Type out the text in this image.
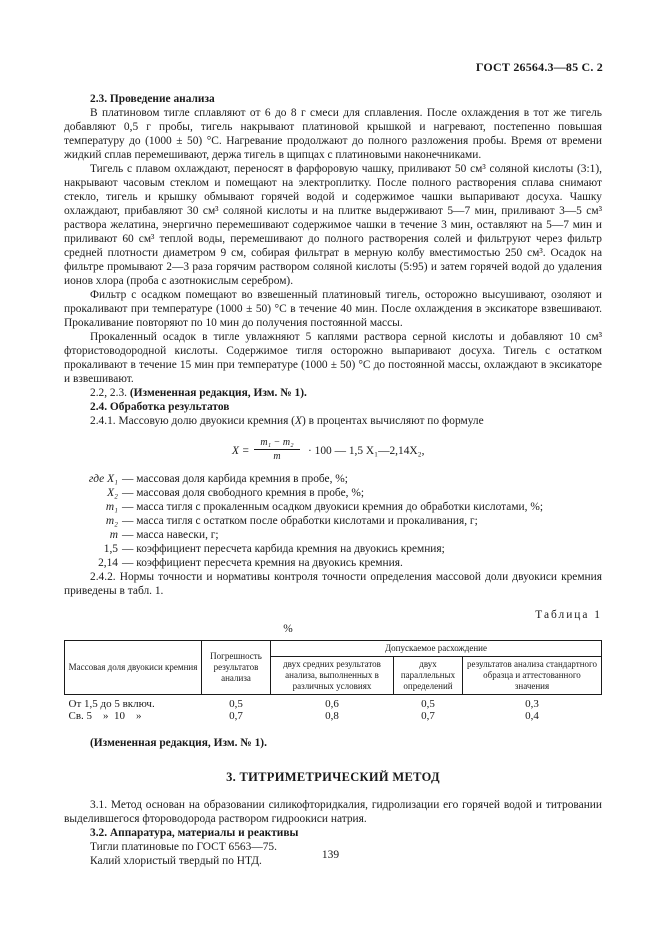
ГОСТ 26564.3—85 С. 2

2.3. Проведение анализа

В платиновом тигле сплавляют от 6 до 8 г смеси для сплавления. После охлаждения в тот же тигель добавляют 0,5 г пробы, тигель накрывают платиновой крышкой и нагревают, постепенно повышая температуру до (1000 ± 50) °С. Нагревание продолжают до полного разложения пробы. Время от времени жидкий сплав перемешивают, держа тигель в щипцах с платиновыми наконечниками.

Тигель с плавом охлаждают, переносят в фарфоровую чашку, приливают 50 см³ соляной кислоты (3:1), накрывают часовым стеклом и помещают на электроплитку. После полного растворения сплава снимают стекло, тигель и крышку обмывают горячей водой и содержимое чашки выпаривают досуха. Чашку охлаждают, прибавляют 30 см³ соляной кислоты и на плитке выдерживают 5—7 мин, приливают 3—5 см³ раствора желатина, энергично перемешивают содержимое чашки в течение 3 мин, оставляют на 5—7 мин и приливают 60 см³ теплой воды, перемешивают до полного растворения солей и фильтруют через фильтр средней плотности диаметром 9 см, собирая фильтрат в мерную колбу вместимостью 250 см³. Осадок на фильтре промывают 2—3 раза горячим раствором соляной кислоты (5:95) и затем горячей водой до удаления ионов хлора (проба с азотнокислым серебром).

Фильтр с осадком помещают во взвешенный платиновый тигель, осторожно высушивают, озоляют и прокаливают при температуре (1000 ± 50) °С в течение 40 мин. После охлаждения в эксикаторе взвешивают. Прокаливание повторяют по 10 мин до получения постоянной массы.

Прокаленный осадок в тигле увлажняют 5 каплями раствора серной кислоты и добавляют 10 см³ фтористоводородной кислоты. Содержимое тигля осторожно выпаривают досуха. Тигель с остатком прокаливают в течение 15 мин при температуре (1000 ± 50) °С до постоянной массы, охлаждают в эксикаторе и взвешивают.

2.2, 2.3. (Измененная редакция, Изм. № 1).

2.4. Обработка результатов

2.4.1. Массовую долю двуокиси кремния (X) в процентах вычисляют по формуле

$X = \frac{\text{m₁ − m₂}}{m} \cdot 100$ — 1,5 X₁—2,14X₂,
где X₁ — массовая доля карбида кремния в пробе, %;
X₂ — массовая доля свободного кремния в пробе, %;
m₁ — масса тигля с прокаленным осадком двуокиси кремния до обработки кислотами, %;
m₂ — масса тигля с остатком после обработки кислотами и прокаливания, г;
m — масса навески, г;
1,5 — коэффициент пересчета карбида кремния на двуокись кремния;
2,14 — коэффициент пересчета кремния на двуокись кремния.

2.4.2. Нормы точности и нормативы контроля точности определения массовой доли двуокиси кремния приведены в табл. 1.

Таблица 1
%
Массовая доля двуокиси кремния	Погрешность результатов анализа	Допускаемое расхождение		
		двух средних результатов анализа, выполненных в различных условиях	двух параллельных определений	результатов анализа стандартного образца и аттестованного значения
От 1,5 до 5 включ.	0,5	0,6	0,5	0,3
Св. 5    »  10    »	0,7	0,8	0,7	0,4

(Измененная редакция, Изм. № 1).

3. ТИТРИМЕТРИЧЕСКИЙ МЕТОД

3.1. Метод основан на образовании силикофторидкалия, гидролизации его горячей водой и титровании выделившегося фтороводорода раствором гидроокиси натрия.

3.2. Аппаратура, материалы и реактивы

Тигли платиновые по ГОСТ 6563—75.

Калий хлористый твердый по НТД.	139
